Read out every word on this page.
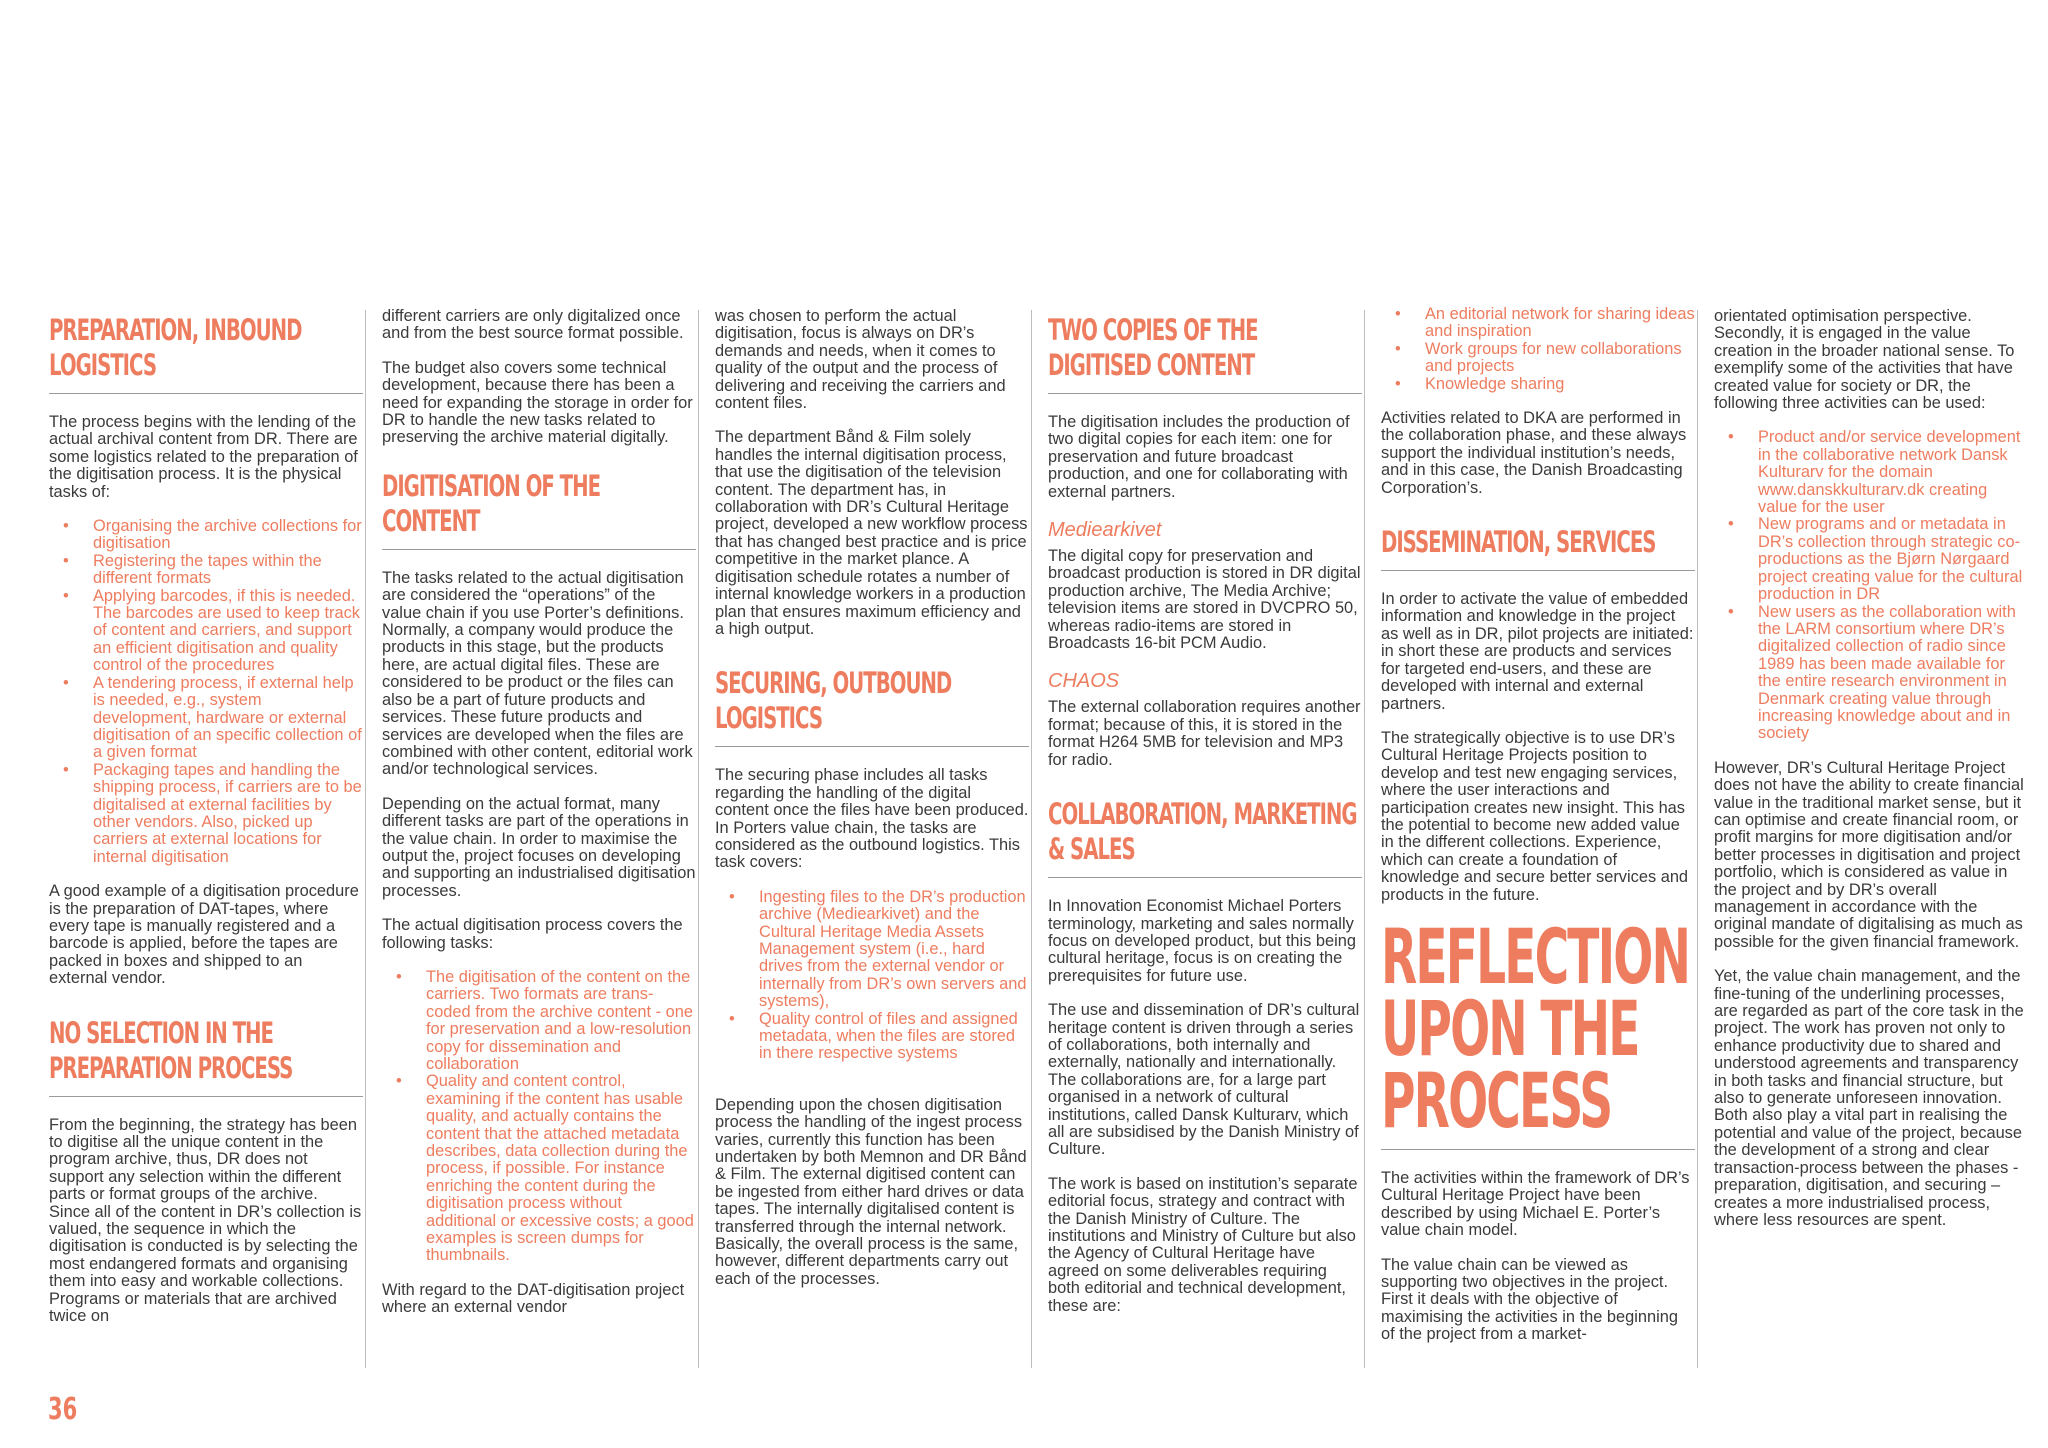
PREPARATION, INBOUND LOGISTICS

The process begins with the lending of the actual archival content from DR. There are some logistics related to the preparation of the digitisation process. It is the physical tasks of:

• Organising the archive collections for digitisation
• Registering the tapes within the different formats
• Applying barcodes, if this is needed. The barcodes are used to keep track of content and carriers, and support an efficient digitisation and quality control of the procedures
• A tendering process, if external help is needed, e.g., system development, hardware or external digitisation of an specific collection of a given format
• Packaging tapes and handling the shipping process, if carriers are to be digitalised at external facilities by other vendors. Also, picked up carriers at external locations for internal digitisation

A good example of a digitisation procedure is the preparation of DAT-tapes, where every tape is manually registered and a barcode is applied, before the tapes are packed in boxes and shipped to an external vendor.

NO SELECTION IN THE PREPARATION PROCESS

From the beginning, the strategy has been to digitise all the unique content in the program archive, thus, DR does not support any selection within the different parts or format groups of the archive. Since all of the content in DR’s collection is valued, the sequence in which the digitisation is conducted is by selecting the most endangered formats and organising them into easy and workable collections. Programs or materials that are archived twice on

different carriers are only digitalized once and from the best source format possible.

The budget also covers some technical development, because there has been a need for expanding the storage in order for DR to handle the new tasks related to preserving the archive material digitally.

DIGITISATION OF THE CONTENT

The tasks related to the actual digitisation are considered the “operations” of the value chain if you use Porter’s definitions. Normally, a company would produce the products in this stage, but the products here, are actual digital files. These are considered to be product or the files can also be a part of future products and services. These future products and services are developed when the files are combined with other content, editorial work and/or technological services.

Depending on the actual format, many different tasks are part of the operations in the value chain. In order to maximise the output the, project focuses on developing and supporting an industrialised digitisation processes.

The actual digitisation process covers the following tasks:

• The digitisation of the content on the carriers. Two formats are trans-coded from the archive content - one for preservation and a low-resolution copy for dissemination and collaboration
• Quality and content control, examining if the content has usable quality, and actually contains the content that the attached metadata describes, data collection during the process, if possible. For instance enriching the content during the digitisation process without additional or excessive costs; a good examples is screen dumps for thumbnails.

With regard to the DAT-digitisation project where an external vendor

was chosen to perform the actual digitisation, focus is always on DR’s demands and needs, when it comes to quality of the output and the process of delivering and receiving the carriers and content files.

The department Bånd & Film solely handles the internal digitisation process, that use the digitisation of the television content. The department has, in collaboration with DR’s Cultural Heritage project, developed a new workflow process that has changed best practice and is price competitive in the market plance. A digitisation schedule rotates a number of internal knowledge workers in a production plan that ensures maximum efficiency and a high output.

SECURING, OUTBOUND LOGISTICS

The securing phase includes all tasks regarding the handling of the digital content once the files have been produced. In Porters value chain, the tasks are considered as the outbound logistics. This task covers:

• Ingesting files to the DR’s production archive (Mediearkivet) and the Cultural Heritage Media Assets Management system (i.e., hard drives from the external vendor or internally from DR’s own servers and systems),
• Quality control of files and assigned metadata, when the files are stored in there respective systems

Depending upon the chosen digitisation process the handling of the ingest process varies, currently this function has been undertaken by both Memnon and DR Bånd & Film. The external digitised content can be ingested from either hard drives or data tapes. The internally digitalised content is transferred through the internal network. Basically, the overall process is the same, however, different departments carry out each of the processes.

TWO COPIES OF THE DIGITISED CONTENT

The digitisation includes the production of two digital copies for each item: one for preservation and future broadcast production, and one for collaborating with external partners.

Mediearkivet

The digital copy for preservation and broadcast production is stored in DR digital production archive, The Media Archive; television items are stored in DVCPRO 50, whereas radio-items are stored in Broadcasts 16-bit PCM Audio.

CHAOS

The external collaboration requires another format; because of this, it is stored in the format H264 5MB for television and MP3 for radio.

COLLABORATION, MARKETING & SALES

In Innovation Economist Michael Porters terminology, marketing and sales normally focus on developed product, but this being cultural heritage, focus is on creating the prerequisites for future use.

The use and dissemination of DR’s cultural heritage content is driven through a series of collaborations, both internally and externally, nationally and internationally. The collaborations are, for a large part organised in a network of cultural institutions, called Dansk Kulturarv, which all are subsidised by the Danish Ministry of Culture.

The work is based on institution’s separate editorial focus, strategy and contract with the Danish Ministry of Culture. The institutions and Ministry of Culture but also the Agency of Cultural Heritage have agreed on some deliverables requiring both editorial and technical development, these are:

• An editorial network for sharing ideas and inspiration
• Work groups for new collaborations and projects
• Knowledge sharing

Activities related to DKA are performed in the collaboration phase, and these always support the individual institution’s needs, and in this case, the Danish Broadcasting Corporation’s.

DISSEMINATION, SERVICES

In order to activate the value of embedded information and knowledge in the project as well as in DR, pilot projects are initiated: in short these are products and services for targeted end-users, and these are developed with internal and external partners.

The strategically objective is to use DR’s Cultural Heritage Projects position to develop and test new engaging services, where the user interactions and participation creates new insight. This has the potential to become new added value in the different collections. Experience, which can create a foundation of knowledge and secure better services and products in the future.

REFLECTION UPON THE PROCESS

The activities within the framework of DR’s Cultural Heritage Project have been described by using Michael E. Porter’s value chain model.

The value chain can be viewed as supporting two objectives in the project. First it deals with the objective of maximising the activities in the beginning of the project from a market-

orientated optimisation perspective. Secondly, it is engaged in the value creation in the broader national sense. To exemplify some of the activities that have created value for society or DR, the following three activities can be used:

• Product and/or service development in the collaborative network Dansk Kulturarv for the domain www.danskkulturarv.dk creating value for the user
• New programs and or metadata in DR’s collection through strategic co-productions as the Bjørn Nørgaard project creating value for the cultural production in DR
• New users as the collaboration with the LARM consortium where DR’s digitalized collection of radio since 1989 has been made available for the entire research environment in Denmark creating value through increasing knowledge about and in society

However, DR’s Cultural Heritage Project does not have the ability to create financial value in the traditional market sense, but it can optimise and create financial room, or profit margins for more digitisation and/or better processes in digitisation and project portfolio, which is considered as value in the project and by DR’s overall management in accordance with the original mandate of digitalising as much as possible for the given financial framework.

Yet, the value chain management, and the fine-tuning of the underlining processes, are regarded as part of the core task in the project. The work has proven not only to enhance productivity due to shared and understood agreements and transparency in both tasks and financial structure, but also to generate unforeseen innovation. Both also play a vital part in realising the potential and value of the project, because the development of a strong and clear transaction-process between the phases - preparation, digitisation, and securing – creates a more industrialised process, where less resources are spent.

36
